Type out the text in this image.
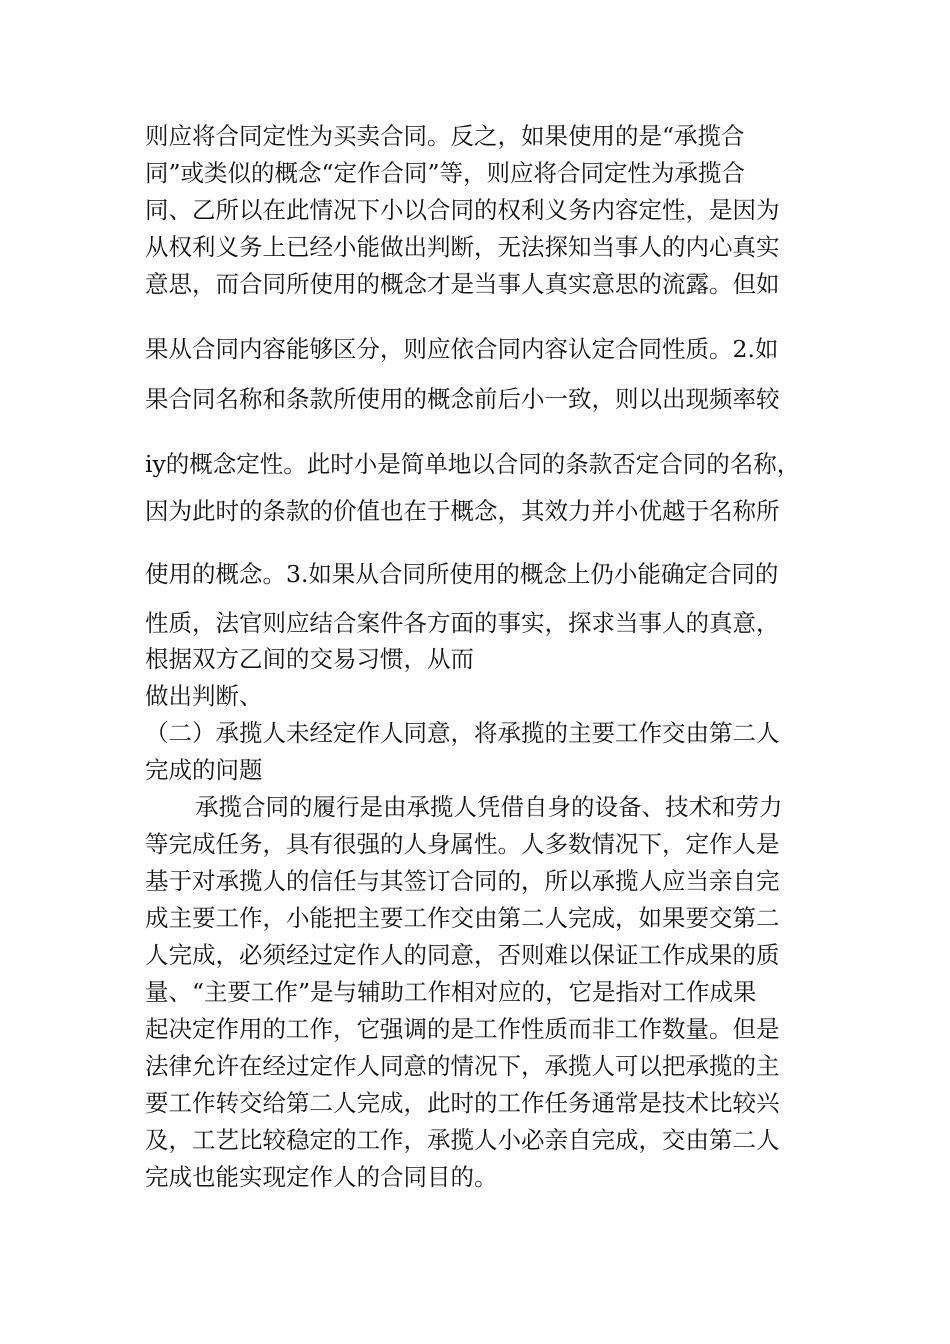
则应将合同定性为买卖合同。反之，如果使用的是“承揽合

同”或类似的概念“定作合同”等，则应将合同定性为承揽合

同、乙所以在此情况下小以合同的权利义务内容定性，是因为

从权利义务上已经小能做出判断，无法探知当事人的内心真实

意思，而合同所使用的概念才是当事人真实意思的流露。但如

果从合同内容能够区分，则应依合同内容认定合同性质。2.如

果合同名称和条款所使用的概念前后小一致，则以出现频率较

iy的概念定性。此时小是简单地以合同的条款否定合同的名称，

因为此时的条款的价值也在于概念，其效力并小优越于名称所

使用的概念。3.如果从合同所使用的概念上仍小能确定合同的

性质，法官则应结合案件各方面的事实，探求当事人的真意，

根据双方乙间的交易习惯，从而

做出判断、

（二）承揽人未经定作人同意，将承揽的主要工作交由第二人

完成的问题

承揽合同的履行是由承揽人凭借自身的设备、技术和劳力

等完成任务，具有很强的人身属性。人多数情况下，定作人是

基于对承揽人的信任与其签订合同的，所以承揽人应当亲自完

成主要工作，小能把主要工作交由第二人完成，如果要交第二

人完成，必须经过定作人的同意，否则难以保证工作成果的质

量、“主要工作”是与辅助工作相对应的，它是指对工作成果

起决定作用的工作，它强调的是工作性质而非工作数量。但是

法律允许在经过定作人同意的情况下，承揽人可以把承揽的主

要工作转交给第二人完成，此时的工作任务通常是技术比较兴

及，工艺比较稳定的工作，承揽人小必亲自完成，交由第二人

完成也能实现定作人的合同目的。
